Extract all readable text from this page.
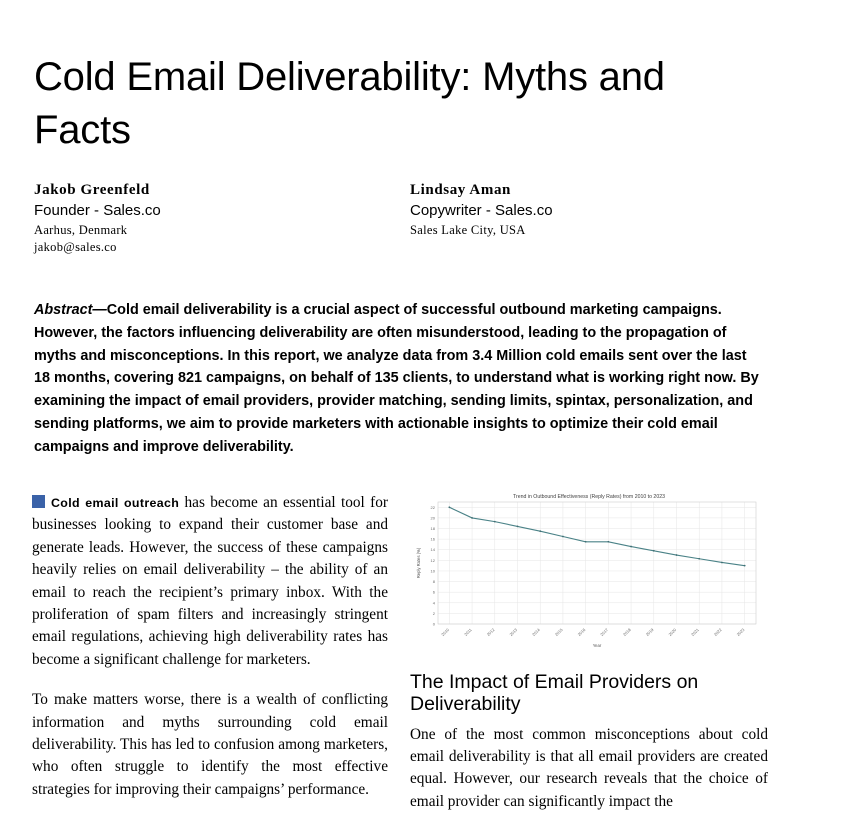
Cold Email Deliverability: Myths and Facts
Jakob Greenfeld
Founder - Sales.co
Aarhus, Denmark
jakob@sales.co
Lindsay Aman
Copywriter - Sales.co
Sales Lake City, USA
Abstract—Cold email deliverability is a crucial aspect of successful outbound marketing campaigns. However, the factors influencing deliverability are often misunderstood, leading to the propagation of myths and misconceptions. In this report, we analyze data from 3.4 Million cold emails sent over the last 18 months, covering 821 campaigns, on behalf of 135 clients, to understand what is working right now. By examining the impact of email providers, provider matching, sending limits, spintax, personalization, and sending platforms, we aim to provide marketers with actionable insights to optimize their cold email campaigns and improve deliverability.

Cold email outreach has become an essential tool for businesses looking to expand their customer base and generate leads. However, the success of these campaigns heavily relies on email deliverability – the ability of an email to reach the recipient’s primary inbox. With the proliferation of spam filters and increasingly stringent email regulations, achieving high deliverability rates has become a significant challenge for marketers.

To make matters worse, there is a wealth of conflicting information and myths surrounding cold email deliverability. This has led to confusion among marketers, who often struggle to identify the most effective strategies for improving their campaigns’ performance.

Trend in Outbound Effectiveness (Reply Rates) from 2010 to 2023
0
2
4
6
8
10
12
14
16
18
20
22
2010	2011	2012	2013	2014	2015	2016	2017	2018	2019	2020	2021	2022	2023
Reply Rates (%)
Year
The Impact of Email Providers on Deliverability

One of the most common misconceptions about cold email deliverability is that all email providers are created equal. However, our research reveals that the choice of email provider can significantly impact the
